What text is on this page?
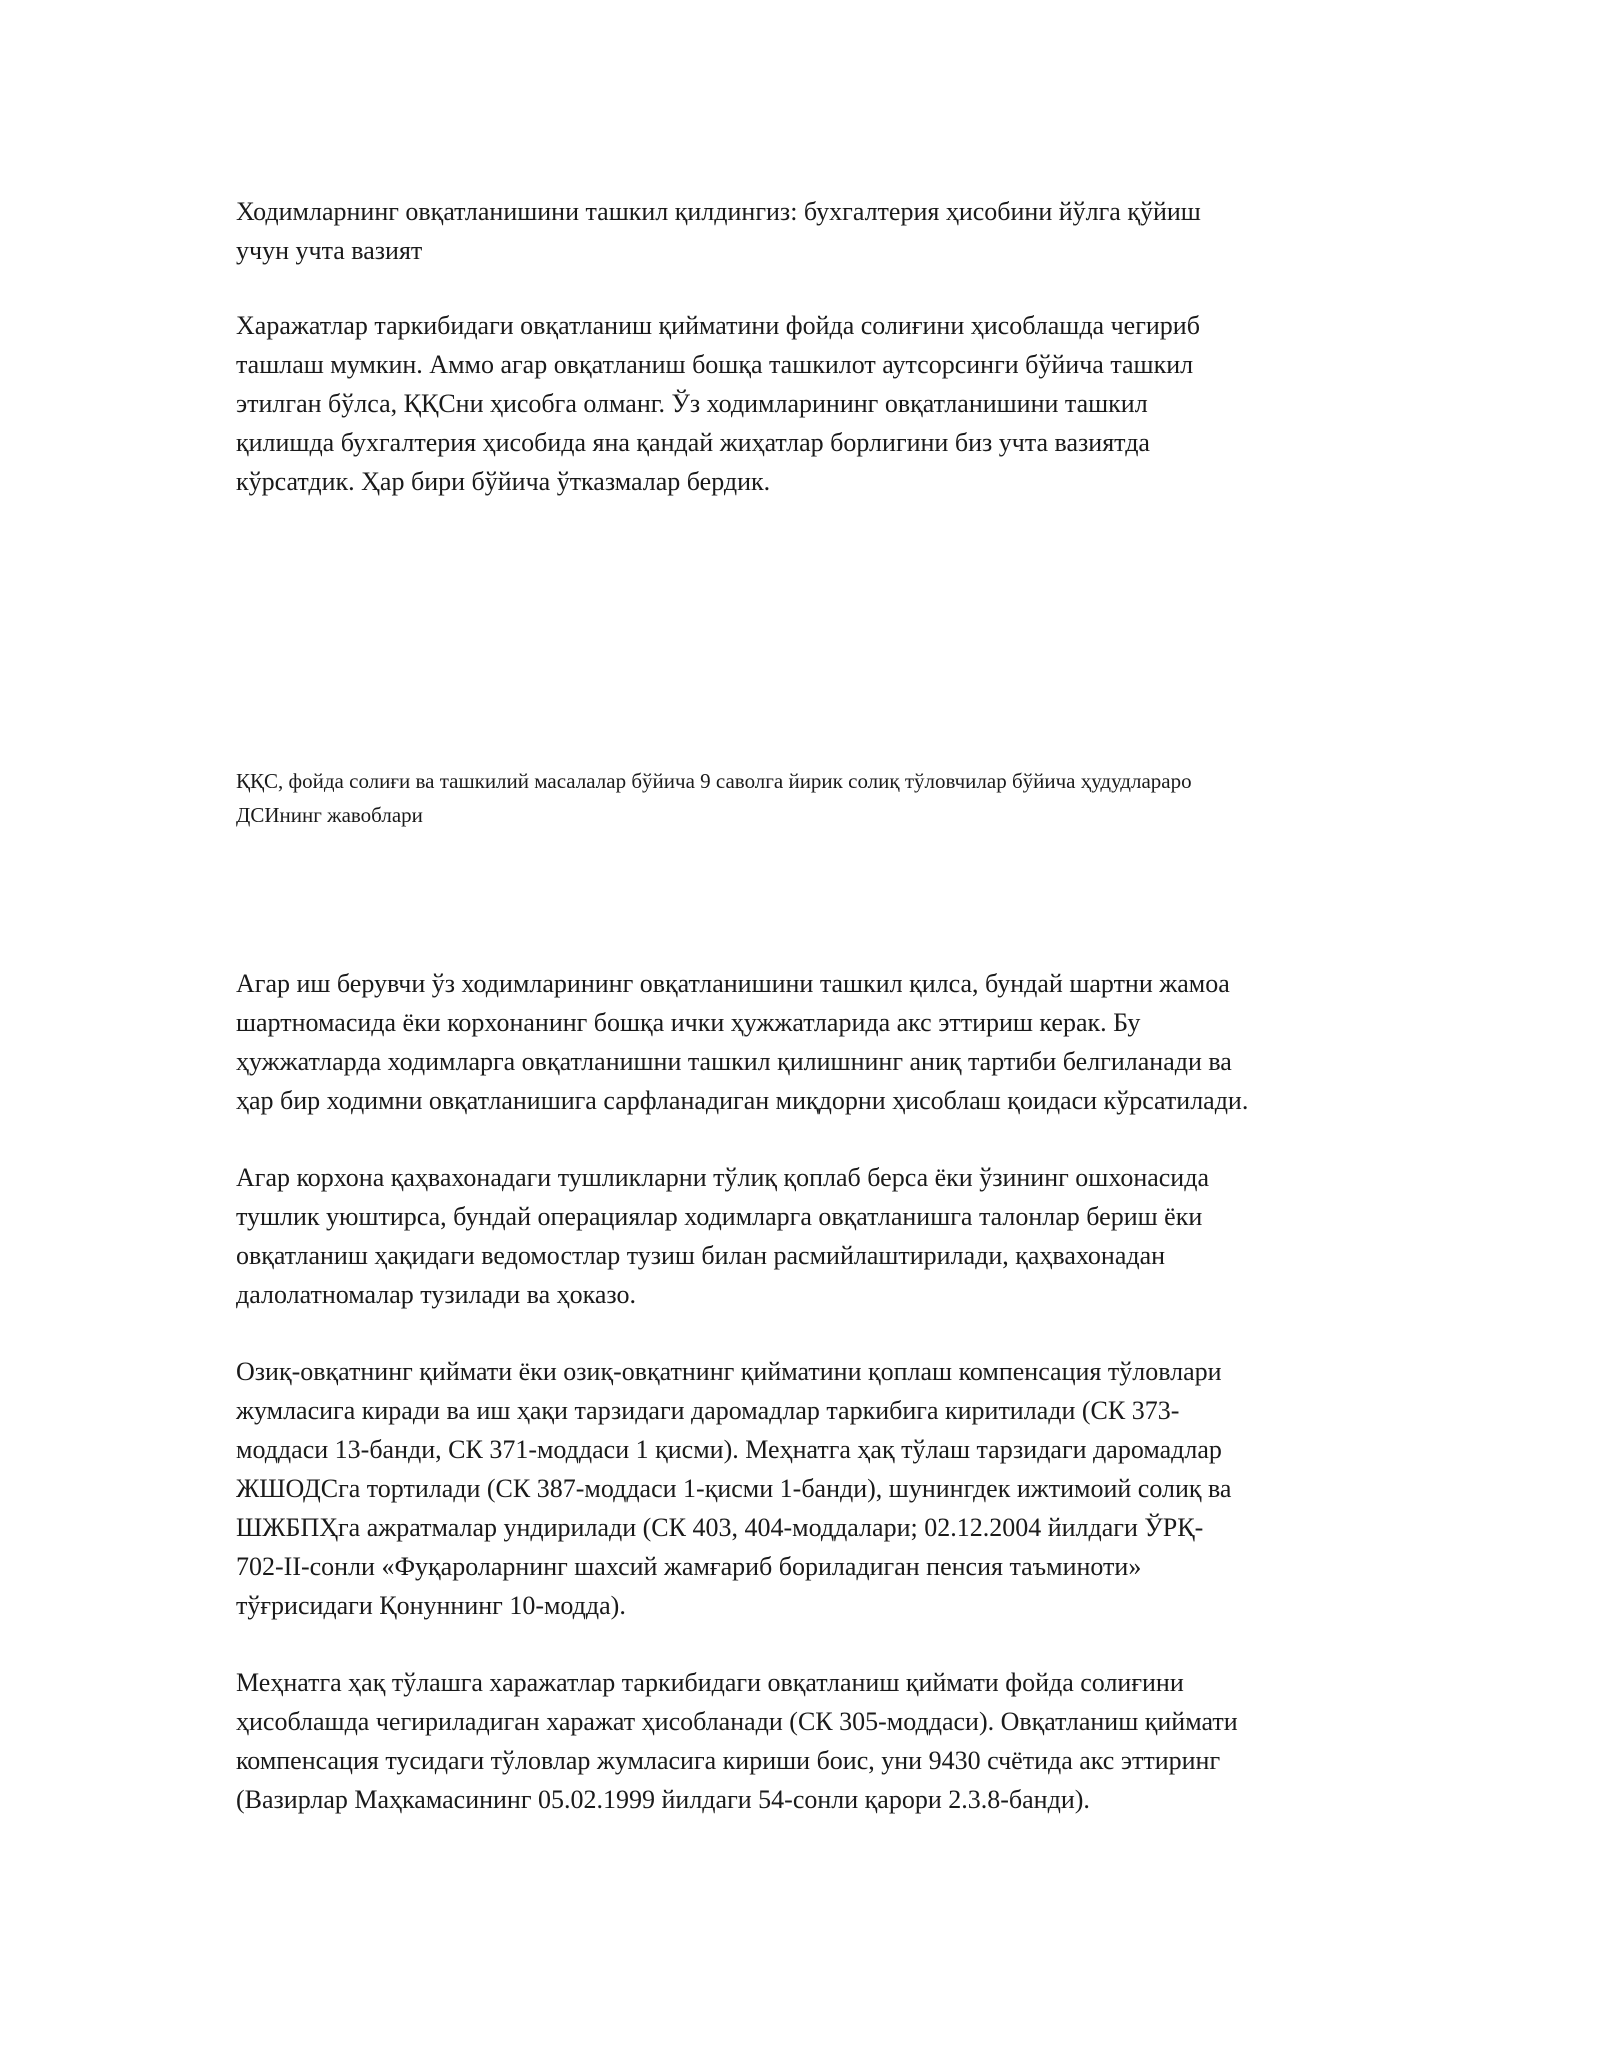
Ходимларнинг овқатланишини ташкил қилдингиз: бухгалтерия ҳисобини йўлга қўйиш
учун учта вазият
Харажатлар таркибидаги овқатланиш қийматини фойда солиғини ҳисоблашда чегириб
ташлаш мумкин. Аммо агар овқатланиш бошқа ташкилот аутсорсинги бўйича ташкил
этилган бўлса, ҚҚСни ҳисобга олманг. Ўз ходимларининг овқатланишини ташкил
қилишда бухгалтерия ҳисобида яна қандай жиҳатлар борлигини биз учта вазиятда
кўрсатдик. Ҳар бири бўйича ўтказмалар бердик.
ҚҚС, фойда солиғи ва ташкилий масалалар бўйича 9 саволга йирик солиқ тўловчилар бўйича ҳудудлараро
ДСИнинг жавоблари
Агар иш берувчи ўз ходимларининг овқатланишини ташкил қилса, бундай шартни жамоа
шартномасида ёки корхонанинг бошқа ички ҳужжатларида акс эттириш керак. Бу
ҳужжатларда ходимларга овқатланишни ташкил қилишнинг аниқ тартиби белгиланади ва
ҳар бир ходимни овқатланишига сарфланадиган миқдорни ҳисоблаш қоидаси кўрсатилади.
Агар корхона қаҳвахонадаги тушликларни тўлиқ қоплаб берса ёки ўзининг ошхонасида
тушлик уюштирса, бундай операциялар ходимларга овқатланишга талонлар бериш ёки
овқатланиш ҳақидаги ведомостлар тузиш билан расмийлаштирилади, қаҳвахонадан
далолатномалар тузилади ва ҳоказо.
Озиқ-овқатнинг қиймати ёки озиқ-овқатнинг қийматини қоплаш компенсация тўловлари
жумласига киради ва иш ҳақи тарзидаги даромадлар таркибига киритилади (СК 373-
моддаси 13-банди, СК 371-моддаси 1 қисми). Меҳнатга ҳақ тўлаш тарзидаги даромадлар
ЖШОДСга тортилади (СК 387-моддаси 1-қисми 1-банди), шунингдек ижтимоий солиқ ва
ШЖБПҲга ажратмалар ундирилади (СК 403, 404-моддалари; 02.12.2004 йилдаги ЎРҚ-
702-II-сонли «Фуқароларнинг шахсий жамғариб бориладиган пенсия таъминоти»
тўғрисидаги Қонуннинг 10-модда).
Меҳнатга ҳақ тўлашга харажатлар таркибидаги овқатланиш қиймати фойда солиғини
ҳисоблашда чегириладиган харажат ҳисобланади (СК 305-моддаси). Овқатланиш қиймати
компенсация тусидаги тўловлар жумласига кириши боис, уни 9430 счётида акс эттиринг
(Вазирлар Маҳкамасининг 05.02.1999 йилдаги 54-сонли қарори 2.3.8-банди).
